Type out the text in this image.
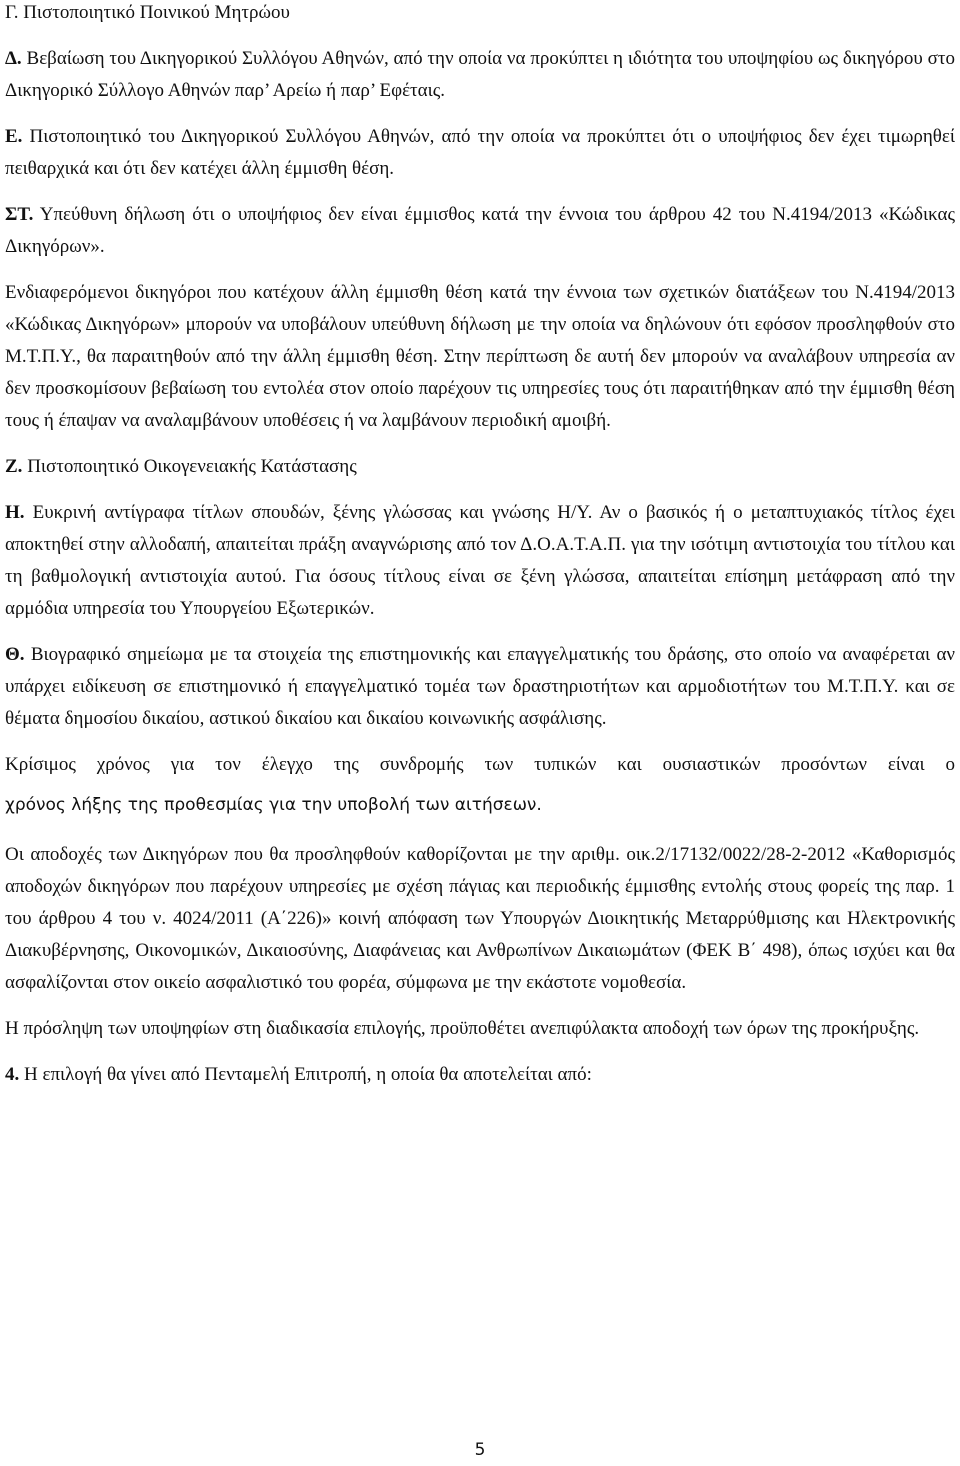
Γ. Πιστοποιητικό Ποινικού Μητρώου

Δ. Βεβαίωση του Δικηγορικού Συλλόγου Αθηνών, από την οποία να προκύπτει η ιδιότητα του υποψηφίου ως δικηγόρου στο Δικηγορικό Σύλλογο Αθηνών παρ’ Αρείω ή παρ’ Εφέταις.

Ε. Πιστοποιητικό του Δικηγορικού Συλλόγου Αθηνών, από την οποία να προκύπτει ότι ο υποψήφιος δεν έχει τιμωρηθεί πειθαρχικά και ότι δεν κατέχει άλλη έμμισθη θέση.

ΣΤ. Υπεύθυνη δήλωση ότι ο υποψήφιος δεν είναι έμμισθος κατά την έννοια του άρθρου 42 του Ν.4194/2013 «Κώδικας Δικηγόρων».

Ενδιαφερόμενοι δικηγόροι που κατέχουν άλλη έμμισθη θέση κατά την έννοια των σχετικών διατάξεων του Ν.4194/2013 «Κώδικας Δικηγόρων» μπορούν να υποβάλουν υπεύθυνη δήλωση με την οποία να δηλώνουν ότι εφόσον προσληφθούν στο Μ.Τ.Π.Υ., θα παραιτηθούν από την άλλη έμμισθη θέση. Στην περίπτωση δε αυτή δεν μπορούν να αναλάβουν υπηρεσία αν δεν προσκομίσουν βεβαίωση του εντολέα στον οποίο παρέχουν τις υπηρεσίες τους ότι παραιτήθηκαν από την έμμισθη θέση τους ή έπαψαν να αναλαμβάνουν υποθέσεις ή να λαμβάνουν περιοδική αμοιβή.

Ζ. Πιστοποιητικό Οικογενειακής Κατάστασης

Η. Ευκρινή αντίγραφα τίτλων σπουδών, ξένης γλώσσας και γνώσης Η/Υ. Αν ο βασικός ή ο μεταπτυχιακός τίτλος έχει αποκτηθεί στην αλλοδαπή, απαιτείται πράξη αναγνώρισης από τον Δ.Ο.Α.Τ.Α.Π. για την ισότιμη αντιστοιχία του τίτλου και τη βαθμολογική αντιστοιχία αυτού. Για όσους τίτλους είναι σε ξένη γλώσσα, απαιτείται επίσημη μετάφραση από την αρμόδια υπηρεσία του Υπουργείου Εξωτερικών.

Θ. Βιογραφικό σημείωμα με τα στοιχεία της επιστημονικής και επαγγελματικής του δράσης, στο οποίο να αναφέρεται αν υπάρχει ειδίκευση σε επιστημονικό ή επαγγελματικό τομέα των δραστηριοτήτων και αρμοδιοτήτων του Μ.Τ.Π.Υ. και σε θέματα δημοσίου δικαίου, αστικού δικαίου και δικαίου κοινωνικής ασφάλισης.

Κρίσιμος χρόνος για τον έλεγχο της συνδρομής των τυπικών και ουσιαστικών προσόντων είναι ο

χρόνος λήξης της προθεσμίας για την υποβολή των αιτήσεων.

Οι αποδοχές των Δικηγόρων που θα προσληφθούν καθορίζονται με την αριθμ. οικ.2/17132/0022/28-2-2012 «Καθορισμός αποδοχών δικηγόρων που παρέχουν υπηρεσίες με σχέση πάγιας και περιοδικής έμμισθης εντολής στους φορείς της παρ. 1 του άρθρου 4 του ν. 4024/2011 (Α΄226)» κοινή απόφαση των Υπουργών Διοικητικής Μεταρρύθμισης και Ηλεκτρονικής Διακυβέρνησης, Οικονομικών, Δικαιοσύνης, Διαφάνειας και Ανθρωπίνων Δικαιωμάτων (ΦΕΚ Β΄ 498), όπως ισχύει και θα ασφαλίζονται στον οικείο ασφαλιστικό του φορέα, σύμφωνα με την εκάστοτε νομοθεσία.

Η πρόσληψη των υποψηφίων στη διαδικασία επιλογής, προϋποθέτει ανεπιφύλακτα αποδοχή των όρων της προκήρυξης.

4. Η επιλογή θα γίνει από Πενταμελή Επιτροπή, η οποία θα αποτελείται από:

5
